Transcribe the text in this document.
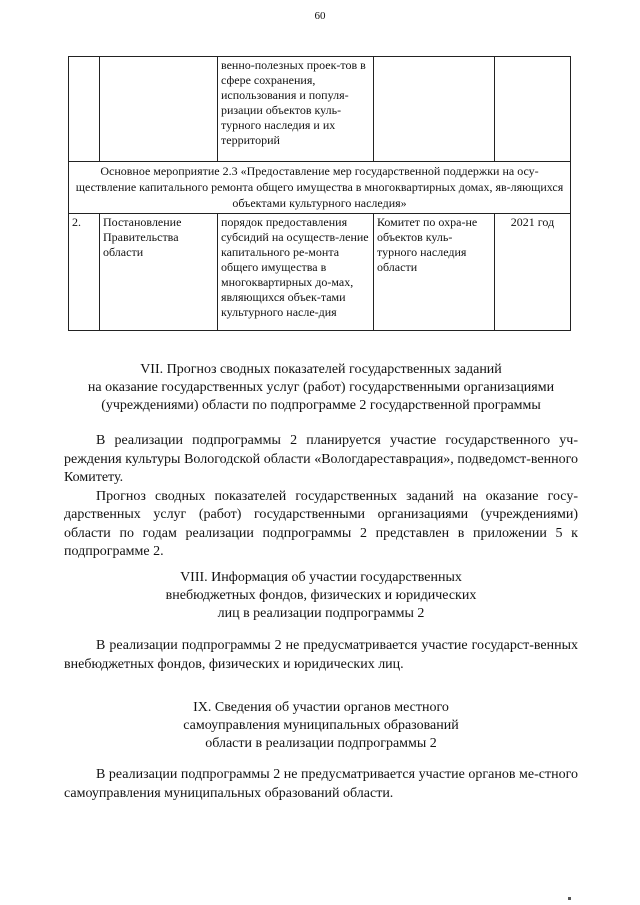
60
		венно-полезных проек-тов в сфере сохранения, использования и популя-ризации объектов куль-турного наследия и их территорий		
Основное мероприятие 2.3 «Предоставление мер государственной поддержки на осу-ществление капитального ремонта общего имущества в многоквартирных домах, яв-ляющихся объектами культурного наследия»				
2.	Постановление Правительства области	порядок предоставления субсидий на осуществ-ление капитального ре-монта общего имущества в многоквартирных до-мах, являющихся объек-тами культурного насле-дия	Комитет по охра-не объектов куль-турного наследия области	2021 год
VII. Прогноз сводных показателей государственных заданий
на оказание государственных услуг (работ) государственными организациями
(учреждениями) области по подпрограмме 2 государственной программы

В реализации подпрограммы 2 планируется участие государственного уч-реждения культуры Вологодской области «Вологдареставрация», подведомст-венного Комитету.

Прогноз сводных показателей государственных заданий на оказание госу-дарственных услуг (работ) государственными организациями (учреждениями) области по годам реализации подпрограммы 2 представлен в приложении 5 к подпрограмме 2.

VIII. Информация об участии государственных
внебюджетных фондов, физических и юридических
лиц в реализации подпрограммы 2

В реализации подпрограммы 2 не предусматривается участие государст-венных внебюджетных фондов, физических и юридических лиц.

IX. Сведения об участии органов местного
самоуправления муниципальных образований
области в реализации подпрограммы 2

В реализации подпрограммы 2 не предусматривается участие органов ме-стного самоуправления муниципальных образований области.
